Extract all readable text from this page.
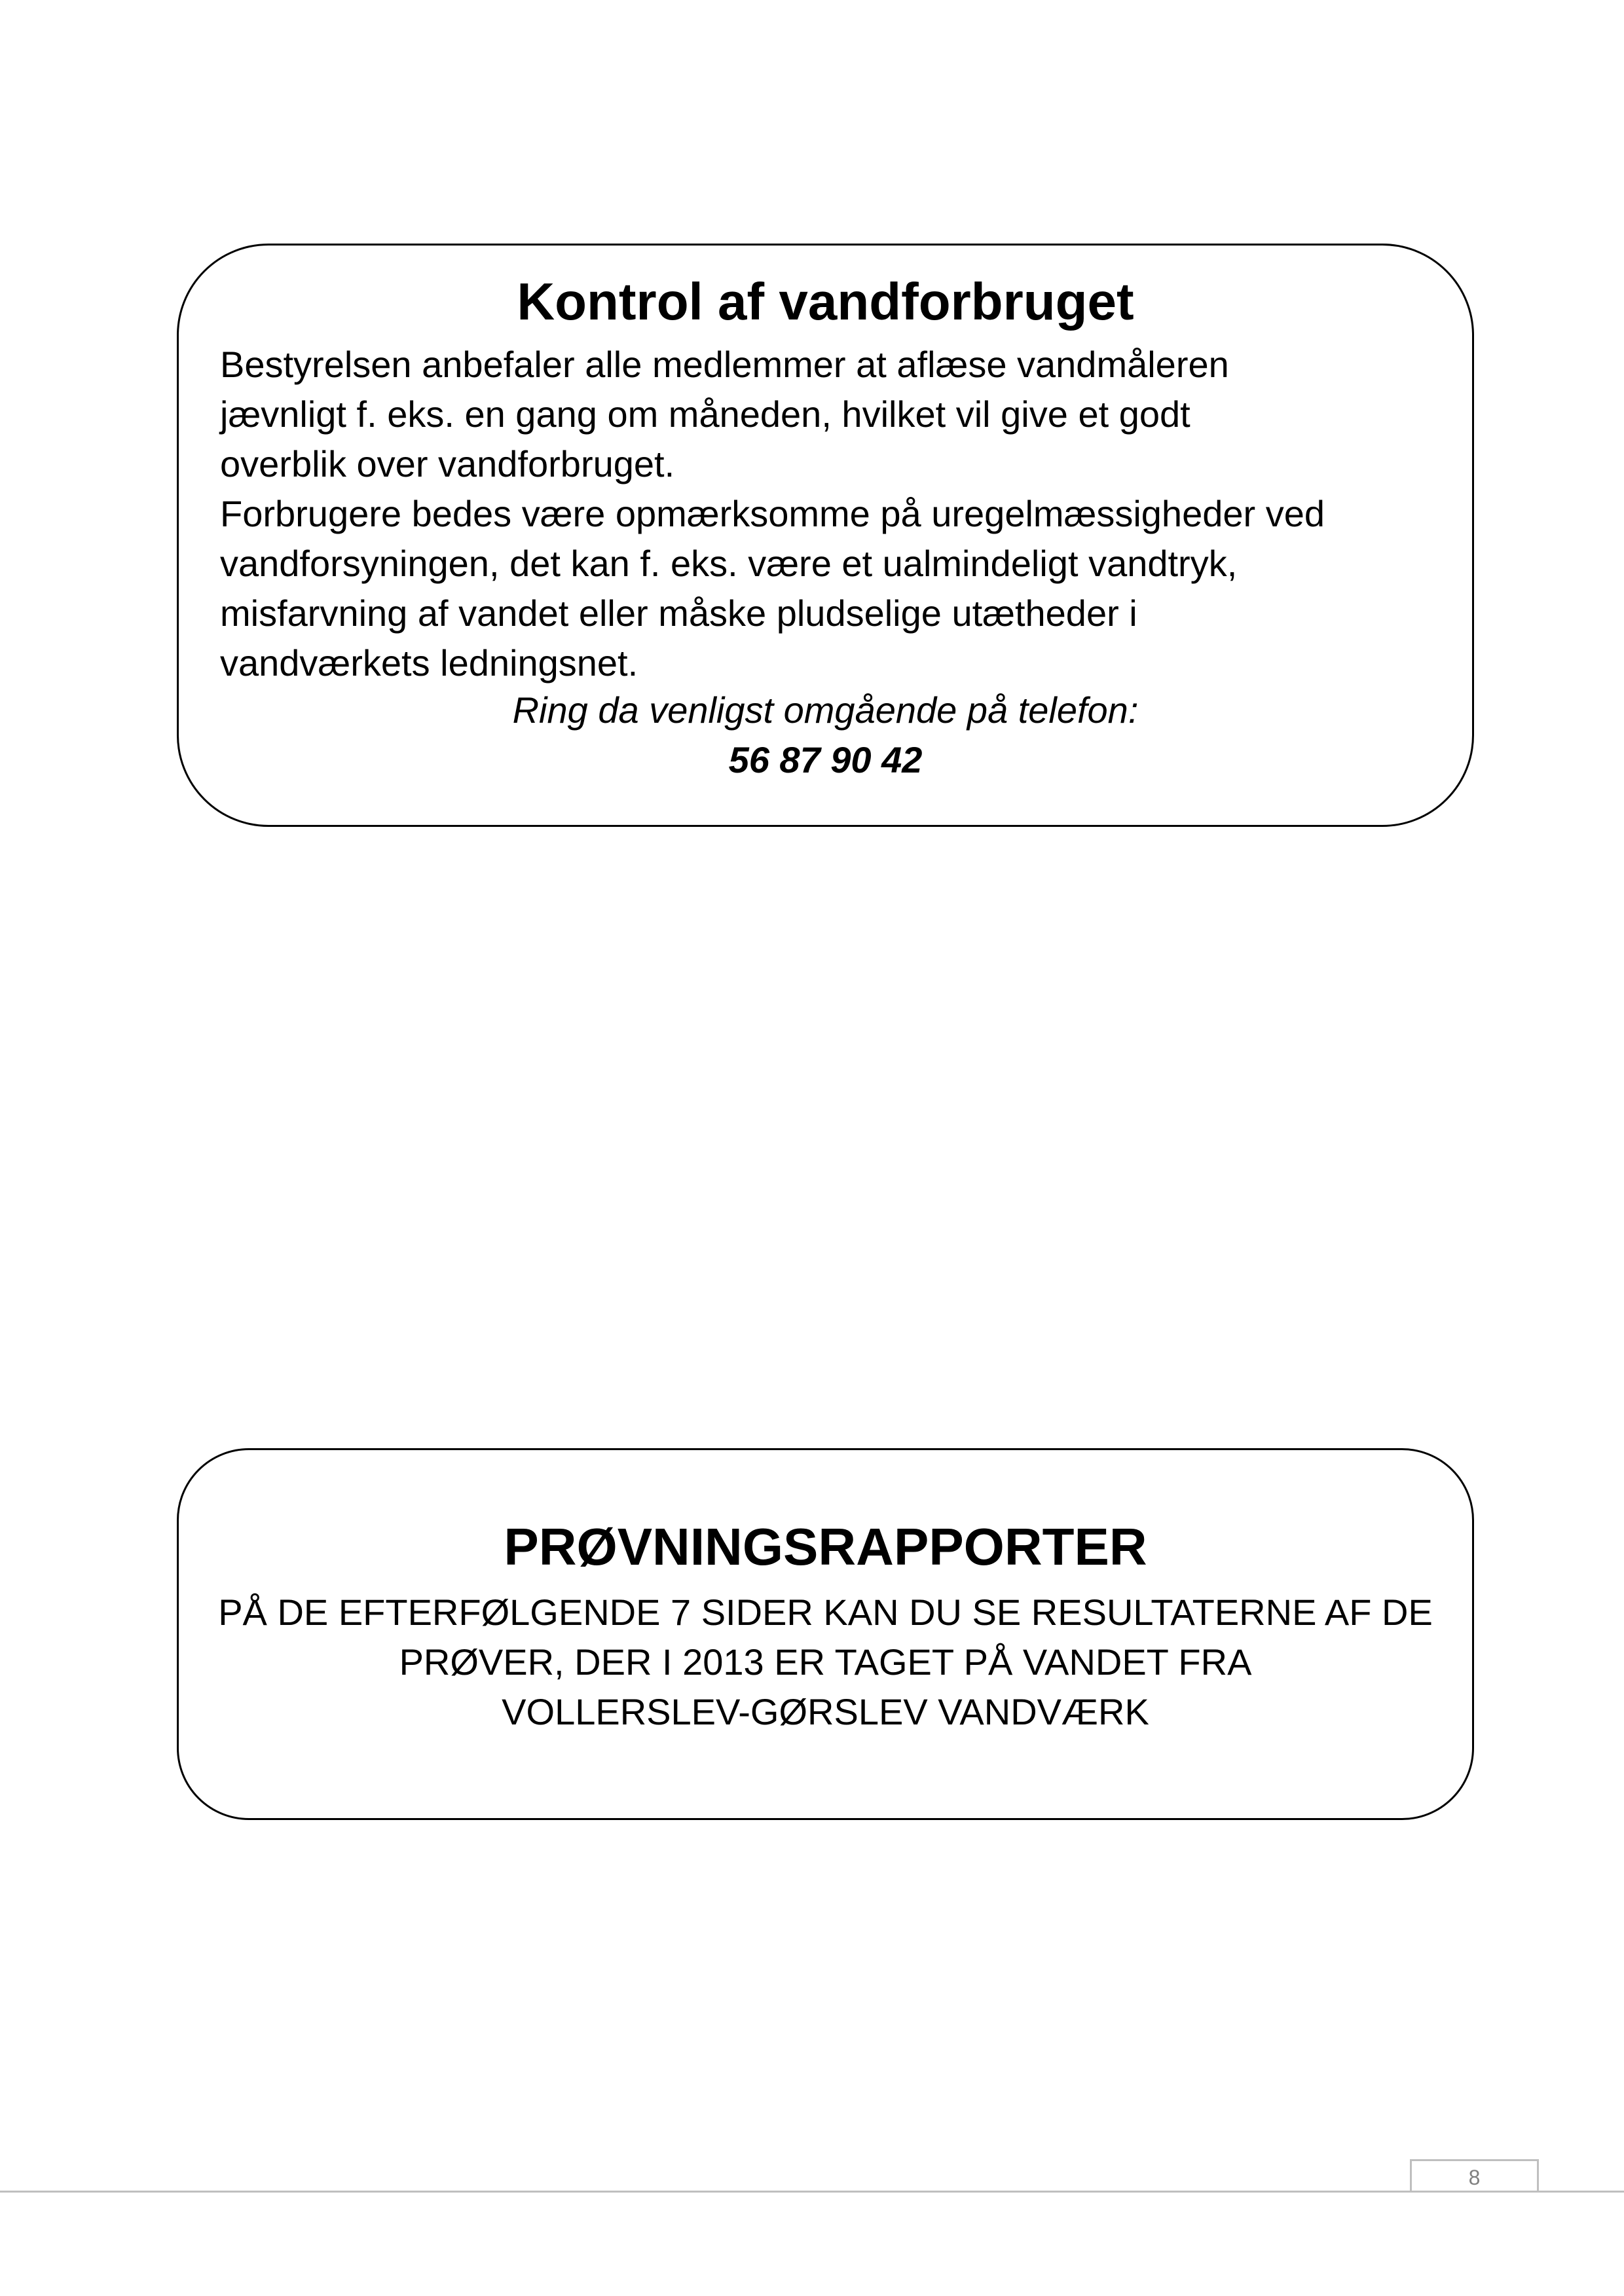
Kontrol af vandforbruget
Bestyrelsen anbefaler alle medlemmer at aflæse vandmåleren
jævnligt f. eks. en gang om måneden, hvilket vil give et godt
overblik over vandforbruget.
Forbrugere bedes være opmærksomme på uregelmæssigheder ved
vandforsyningen, det kan f. eks. være et ualmindeligt vandtryk,
misfarvning af vandet eller måske pludselige utætheder i
vandværkets ledningsnet.
Ring da venligst omgående på telefon:
56 87 90 42
PRØVNINGSRAPPORTER
PÅ DE EFTERFØLGENDE 7 SIDER KAN DU SE RESULTATERNE AF DE
PRØVER, DER I 2013 ER TAGET PÅ VANDET FRA
VOLLERSLEV-GØRSLEV VANDVÆRK
8
